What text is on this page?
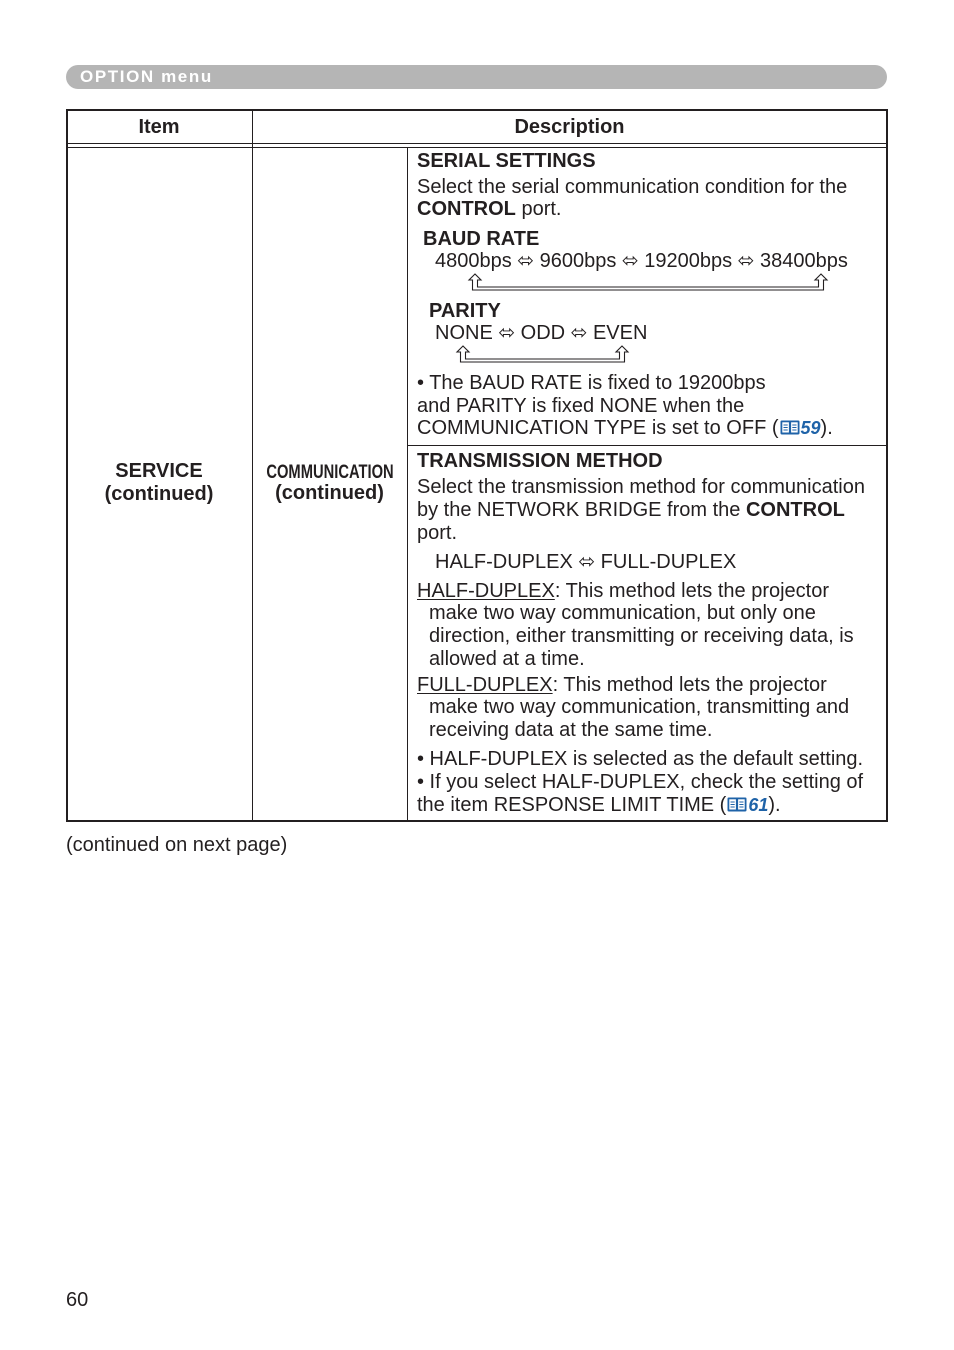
OPTION menu
Item	Description
SERVICE
(continued)
COMMUNICATION
(continued)
SERIAL SETTINGS
Select the serial communication condition for the
CONTROL port.
BAUD RATE
4800bps ⬄ 9600bps ⬄ 19200bps ⬄ 38400bps
PARITY
NONE ⬄ ODD ⬄ EVEN
• The BAUD RATE is fixed to 19200bps
and PARITY is fixed NONE when the
COMMUNICATION TYPE is set to OFF ( 59).
TRANSMISSION METHOD
Select the transmission method for communication
by the NETWORK BRIDGE from the CONTROL
port.
HALF-DUPLEX ⬄ FULL-DUPLEX
HALF-DUPLEX: This method lets the projector
make two way communication, but only one
direction, either transmitting or receiving data, is
allowed at a time.
FULL-DUPLEX: This method lets the projector
make two way communication, transmitting and
receiving data at the same time.
• HALF-DUPLEX is selected as the default setting.
• If you select HALF-DUPLEX, check the setting of
the item RESPONSE LIMIT TIME ( 61).
(continued on next page)
60
